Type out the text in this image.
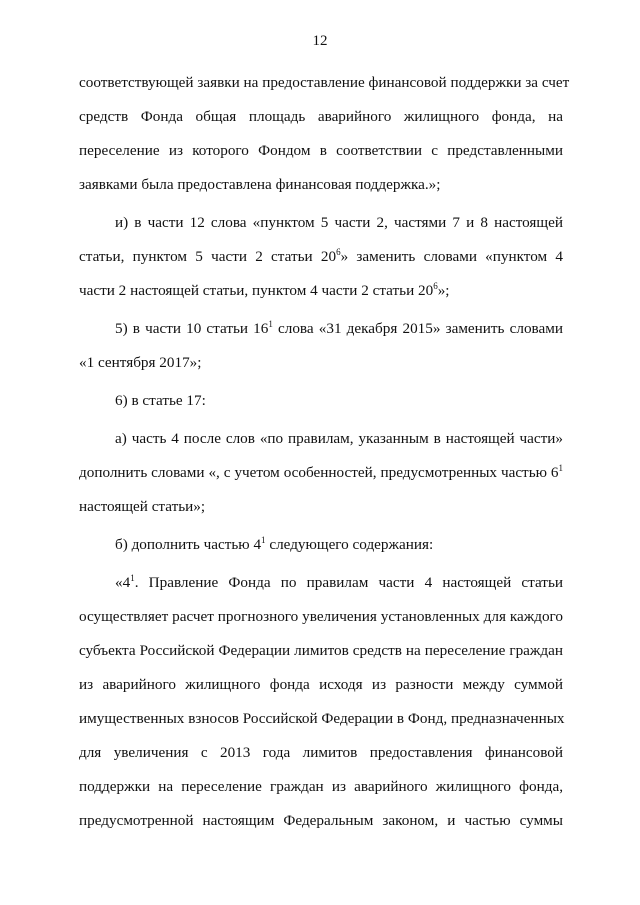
12
соответствующей заявки на предоставление финансовой поддержки за счет
средств Фонда общая площадь аварийного жилищного фонда, на
переселение из которого Фондом в соответствии с представленными
заявками была предоставлена финансовая поддержка.»;
и) в части 12 слова «пунктом 5 части 2, частями 7 и 8 настоящей
статьи, пунктом 5 части 2 статьи $20^6$» заменить словами «пунктом 4
части 2 настоящей статьи, пунктом 4 части 2 статьи $20^6$»;
5) в части 10 статьи $16^1$ слова «31 декабря 2015» заменить словами
«1 сентября 2017»;
6) в статье 17:
а) часть 4 после слов «по правилам, указанным в настоящей части»
дополнить словами «, с учетом особенностей, предусмотренных частью $6^1$
настоящей статьи»;
б) дополнить частью $4^1$ следующего содержания:
«$4^1$. Правление Фонда по правилам части 4 настоящей статьи
осуществляет расчет прогнозного увеличения установленных для каждого
субъекта Российской Федерации лимитов средств на переселение граждан
из аварийного жилищного фонда исходя из разности между суммой
имущественных взносов Российской Федерации в Фонд, предназначенных
для увеличения с 2013 года лимитов предоставления финансовой
поддержки на переселение граждан из аварийного жилищного фонда,
предусмотренной настоящим Федеральным законом, и частью суммы
